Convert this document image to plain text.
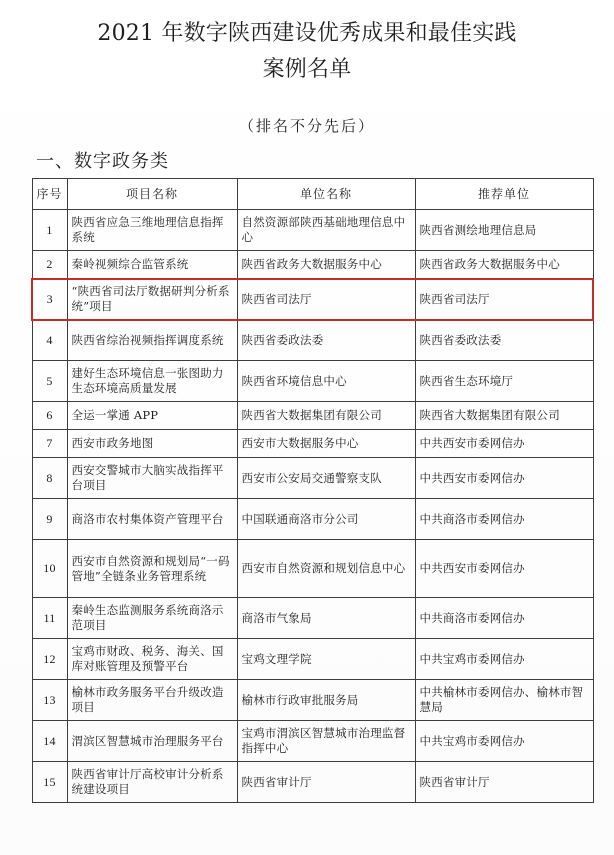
2021 年数字陕西建设优秀成果和最佳实践
案例名单
（排名不分先后）
一、数字政务类
序号	项目名称	单位名称	推荐单位
1	陕西省应急三维地理信息指挥系统	自然资源部陕西基础地理信息中心	陕西省测绘地理信息局
2	秦岭视频综合监管系统	陕西省政务大数据服务中心	陕西省政务大数据服务中心
3	“陕西省司法厅数据研判分析系统”项目	陕西省司法厅	陕西省司法厅
4	陕西省综治视频指挥调度系统	陕西省委政法委	陕西省委政法委
5	建好生态环境信息一张图助力生态环境高质量发展	陕西省环境信息中心	陕西省生态环境厅
6	全运一掌通 APP	陕西省大数据集团有限公司	陕西省大数据集团有限公司
7	西安市政务地图	西安市大数据服务中心	中共西安市委网信办
8	西安交警城市大脑实战指挥平台项目	西安市公安局交通警察支队	中共西安市委网信办
9	商洛市农村集体资产管理平台	中国联通商洛市分公司	中共商洛市委网信办
10	西安市自然资源和规划局“一码管地”全链条业务管理系统	西安市自然资源和规划信息中心	中共西安市委网信办
11	秦岭生态监测服务系统商洛示范项目	商洛市气象局	中共商洛市委网信办
12	宝鸡市财政、税务、海关、国库对账管理及预警平台	宝鸡文理学院	中共宝鸡市委网信办
13	榆林市政务服务平台升级改造项目	榆林市行政审批服务局	中共榆林市委网信办、榆林市智慧局
14	渭滨区智慧城市治理服务平台	宝鸡市渭滨区智慧城市治理监督指挥中心	中共宝鸡市委网信办
15	陕西省审计厅高校审计分析系统建设项目	陕西省审计厅	陕西省审计厅
